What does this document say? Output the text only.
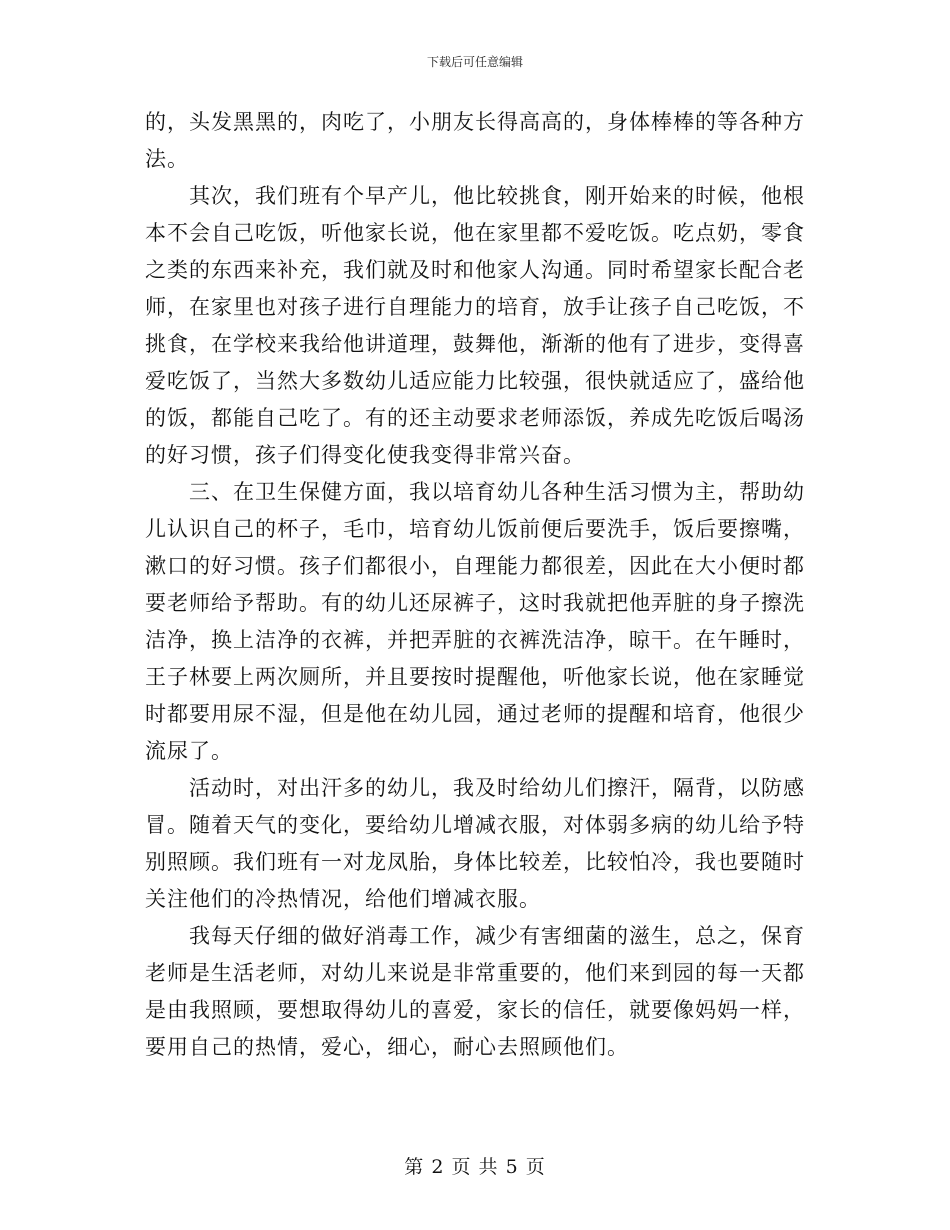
下载后可任意编辑

的，头发黑黑的，肉吃了，小朋友长得高高的，身体棒棒的等各种方法。

其次，我们班有个早产儿，他比较挑食，刚开始来的时候，他根本不会自己吃饭，听他家长说，他在家里都不爱吃饭。吃点奶，零食之类的东西来补充，我们就及时和他家人沟通。同时希望家长配合老师，在家里也对孩子进行自理能力的培育，放手让孩子自己吃饭，不挑食，在学校来我给他讲道理，鼓舞他，渐渐的他有了进步，变得喜爱吃饭了，当然大多数幼儿适应能力比较强，很快就适应了，盛给他的饭，都能自己吃了。有的还主动要求老师添饭，养成先吃饭后喝汤的好习惯，孩子们得变化使我变得非常兴奋。

三、在卫生保健方面，我以培育幼儿各种生活习惯为主，帮助幼儿认识自己的杯子，毛巾，培育幼儿饭前便后要洗手，饭后要擦嘴，漱口的好习惯。孩子们都很小，自理能力都很差，因此在大小便时都要老师给予帮助。有的幼儿还尿裤子，这时我就把他弄脏的身子擦洗洁净，换上洁净的衣裤，并把弄脏的衣裤洗洁净，晾干。在午睡时，王子林要上两次厕所，并且要按时提醒他，听他家长说，他在家睡觉时都要用尿不湿，但是他在幼儿园，通过老师的提醒和培育，他很少流尿了。

活动时，对出汗多的幼儿，我及时给幼儿们擦汗，隔背，以防感冒。随着天气的变化，要给幼儿增减衣服，对体弱多病的幼儿给予特别照顾。我们班有一对龙凤胎，身体比较差，比较怕冷，我也要随时关注他们的冷热情况，给他们增减衣服。

我每天仔细的做好消毒工作，减少有害细菌的滋生，总之，保育老师是生活老师，对幼儿来说是非常重要的，他们来到园的每一天都是由我照顾，要想取得幼儿的喜爱，家长的信任，就要像妈妈一样，要用自己的热情，爱心，细心，耐心去照顾他们。

第 2 页 共 5 页
